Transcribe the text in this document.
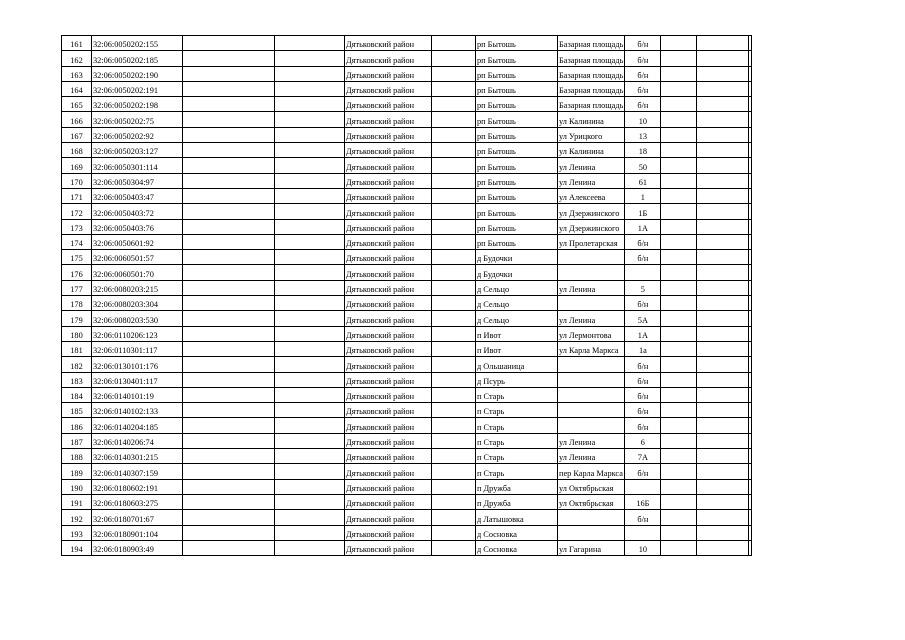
161	32:06:0050202:155			Дятьковский район		рп Бытошь	Базарная площадь	б/н			
162	32:06:0050202:185			Дятьковский район		рп Бытошь	Базарная площадь	б/н			
163	32:06:0050202:190			Дятьковский район		рп Бытошь	Базарная площадь	б/н			
164	32:06:0050202:191			Дятьковский район		рп Бытошь	Базарная площадь	б/н			
165	32:06:0050202:198			Дятьковский район		рп Бытошь	Базарная площадь	б/н			
166	32:06:0050202:75			Дятьковский район		рп Бытошь	ул Калинина	10			
167	32:06:0050202:92			Дятьковский район		рп Бытошь	ул Урицкого	13			
168	32:06:0050203:127			Дятьковский район		рп Бытошь	ул Калинина	18			
169	32:06:0050301:114			Дятьковский район		рп Бытошь	ул Ленина	50			
170	32:06:0050304:97			Дятьковский район		рп Бытошь	ул Ленина	61			
171	32:06:0050403:47			Дятьковский район		рп Бытошь	ул Алексеева	1			
172	32:06:0050403:72			Дятьковский район		рп Бытошь	ул Дзержинского	1Б			
173	32:06:0050403:76			Дятьковский район		рп Бытошь	ул Дзержинского	1А			
174	32:06:0050601:92			Дятьковский район		рп Бытошь	ул Пролетарская	б/н			
175	32:06:0060501:57			Дятьковский район		д Будочки		б/н			
176	32:06:0060501:70			Дятьковский район		д Будочки					
177	32:06:0080203:215			Дятьковский район		д Сельцо	ул Ленина	5			
178	32:06:0080203:304			Дятьковский район		д Сельцо		б/н			
179	32:06:0080203:530			Дятьковский район		д Сельцо	ул Ленина	5А			
180	32:06:0110206:123			Дятьковский район		п Ивот	ул Лермонтова	1А			
181	32:06:0110301:117			Дятьковский район		п Ивот	ул Карла Маркса	1а			
182	32:06:0130101:176			Дятьковский район		д Ольшаница		б/н			
183	32:06:0130401:117			Дятьковский район		д Псурь		б/н			
184	32:06:0140101:19			Дятьковский район		п Старь		б/н			
185	32:06:0140102:133			Дятьковский район		п Старь		б/н			
186	32:06:0140204:185			Дятьковский район		п Старь		б/н			
187	32:06:0140206:74			Дятьковский район		п Старь	ул Ленина	6			
188	32:06:0140301:215			Дятьковский район		п Старь	ул Ленина	7А			
189	32:06:0140307:159			Дятьковский район		п Старь	пер Карла Маркса	б/н			
190	32:06:0180602:191			Дятьковский район		п Дружба	ул Октябрьская				
191	32:06:0180603:275			Дятьковский район		п Дружба	ул Октябрьская	16Б			
192	32:06:0180701:67			Дятьковский район		д Латышовка		б/н			
193	32:06:0180901:104			Дятьковский район		д Сосновка					
194	32:06:0180903:49			Дятьковский район		д Сосновка	ул Гагарина	10			
